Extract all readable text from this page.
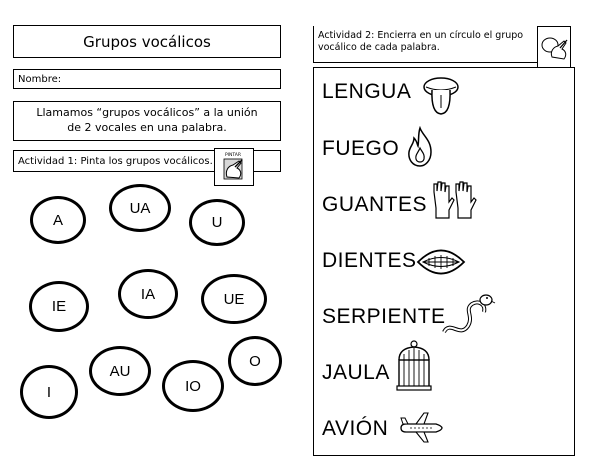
Grupos vocálicos
Nombre:
Llamamos “grupos vocálicos” a la unión de 2 vocales en una palabra.
Actividad 1: Pinta los grupos vocálicos.	PINTAR
A
UA
U
IE
IA	UE
O
AU
IO
I
Actividad 2: Encierra en un círculo el grupo vocálico de cada palabra.
LENGUA
FUEGO
GUANTES
DIENTES
SERPIENTE
JAULA
AVIÓN
